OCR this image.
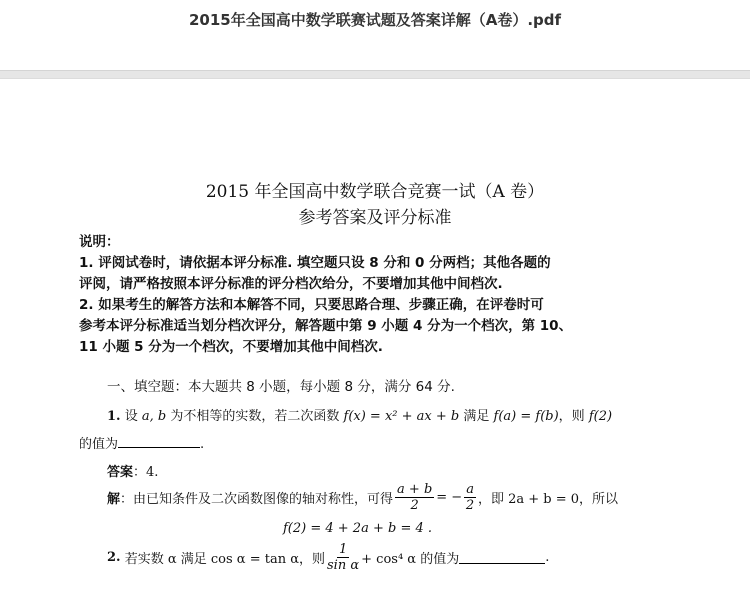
2015年全国高中数学联赛试题及答案详解（A卷）.pdf
2015 年全国高中数学联合竞赛一试（A 卷）
参考答案及评分标准
说明：
1. 评阅试卷时，请依据本评分标准. 填空题只设 8 分和 0 分两档；其他各题的
评阅，请严格按照本评分标准的评分档次给分，不要增加其他中间档次.
2. 如果考生的解答方法和本解答不同，只要思路合理、步骤正确，在评卷时可
参考本评分标准适当划分档次评分，解答题中第 9 小题 4 分为一个档次，第 10、
11 小题 5 分为一个档次，不要增加其他中间档次.
一、填空题：本大题共 8 小题，每小题 8 分，满分 64 分.
1. 设 a, b 为不相等的实数，若二次函数 f(x) = x² + ax + b 满足 f(a) = f(b)，则 f(2)
的值为	.
答案：4.
解 ：由已知条件及二次函数图像的轴对称性，可得 $\frac{a + b}{2}$ = − $\frac{a}{2}$ ，即 2a + b = 0，所以
f(2) = 4 + 2a + b = 4 .
2.
若实数 α 满足 cos α = tan α，则 $\frac{1}{\text{sin α}} + \cos^4$ α 的值为	.
